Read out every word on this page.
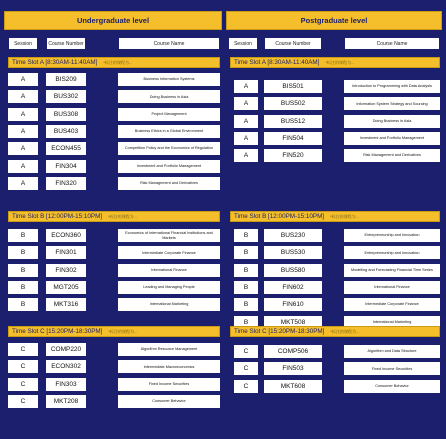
Undergraduate level
Session	Course Number	Course Name
Time Slot A [8:30AM-11:40AM] *标注的课程为...
A	BIS209	Business Information Systems
A	BUS302	Doing Business in Asia
A	BUS308	Project Management
A	BUS403	Business Ethics in a Global Environment
A	ECON455	Competition Policy and the Economics of Regulation
A	FIN304	Investment and Portfolio Management
A	FIN320	Risk Management and Derivatives
Time Slot B [12:00PM-15:10PM] *标注的课程为...
B	ECON360	Economics of International Financial Institutions and Markets
B	FIN301	Intermediate Corporate Finance
B	FIN302	International Finance
B	MGT205	Leading and Managing People
B	MKT316	International Marketing
Time Slot C [15:20PM-18:30PM] *标注的课程为...
C	COMP220	Algorithm Resource Management
C	ECON302	Intermediate Macroeconomics
C	FIN303	Fixed Income Securities
C	MKT208	Consumer Behavior
Postgraduate level
Session	Course Number	Course Name
Time Slot A [8:30AM-11:40AM] *标注的课程为...
A	BIS501	Introduction to Programming with Data Analysis
A	BUS502	Information System Strategy and Sourcing
A	BUS512	Doing Business in Asia
A	FIN504	Investment and Portfolio Management
A	FIN520	Risk Management and Derivatives
Time Slot B [12:00PM-15:10PM] *标注的课程为...
B	BUS230	Entrepreneurship and Innovation
B	BUS530	Entrepreneurship and Innovation
B	BUS580	Modelling and Forecasting Financial Time Series
B	FIN602	International Finance
B	FIN610	Intermediate Corporate Finance
B	MKT508	International Marketing
Time Slot C [15:20PM-18:30PM] *标注的课程为...
C	COMP506	Algorithm and Data Structure
C	FIN503	Fixed Income Securities
C	MKT608	Consumer Behavior
